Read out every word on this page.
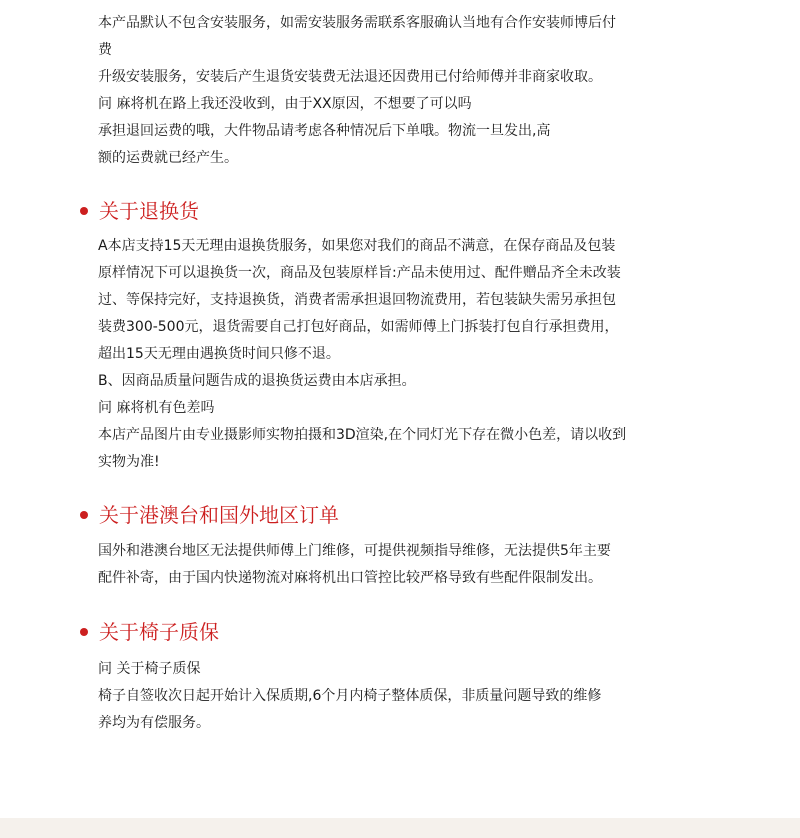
本产品默认不包含安装服务，如需安装服务需联系客服确认当地有合作安装师博后付
费
升级安装服务，安装后产生退货安装费无法退还因费用已付给师傅并非商家收取。
问 麻将机在路上我还没收到，由于XX原因，不想要了可以吗
承担退回运费的哦，大件物品请考虑各种情况后下单哦。物流一旦发出,高
额的运费就已经产生。
关于退换货
A本店支持15天无理由退换货服务，如果您对我们的商品不满意，在保存商品及包装
原样情况下可以退换货一次，商品及包装原样旨:产品未使用过、配件赠品齐全未改装
过、等保持完好，支持退换货，消费者需承担退回物流费用，若包装缺失需另承担包
装费300-500元，退货需要自己打包好商品，如需师傅上门拆装打包自行承担费用，
超出15天无理由遇换货时间只修不退。
B、因商品质量问题告成的退换货运费由本店承担。
问 麻将机有色差吗
本店产品图片由专业摄影师实物拍摄和3D渲染,在个同灯光下存在微小色差，请以收到
实物为准!
关于港澳台和国外地区订单
国外和港澳台地区无法提供师傅上门维修，可提供视频指导维修，无法提供5年主要
配件补寄，由于国内快递物流对麻将机出口管控比较严格导致有些配件限制发出。
关于椅子质保
问 关于椅子质保
椅子自签收次日起开始计入保质期,6个月内椅子整体质保，非质量问题导致的维修
养均为有偿服务。
